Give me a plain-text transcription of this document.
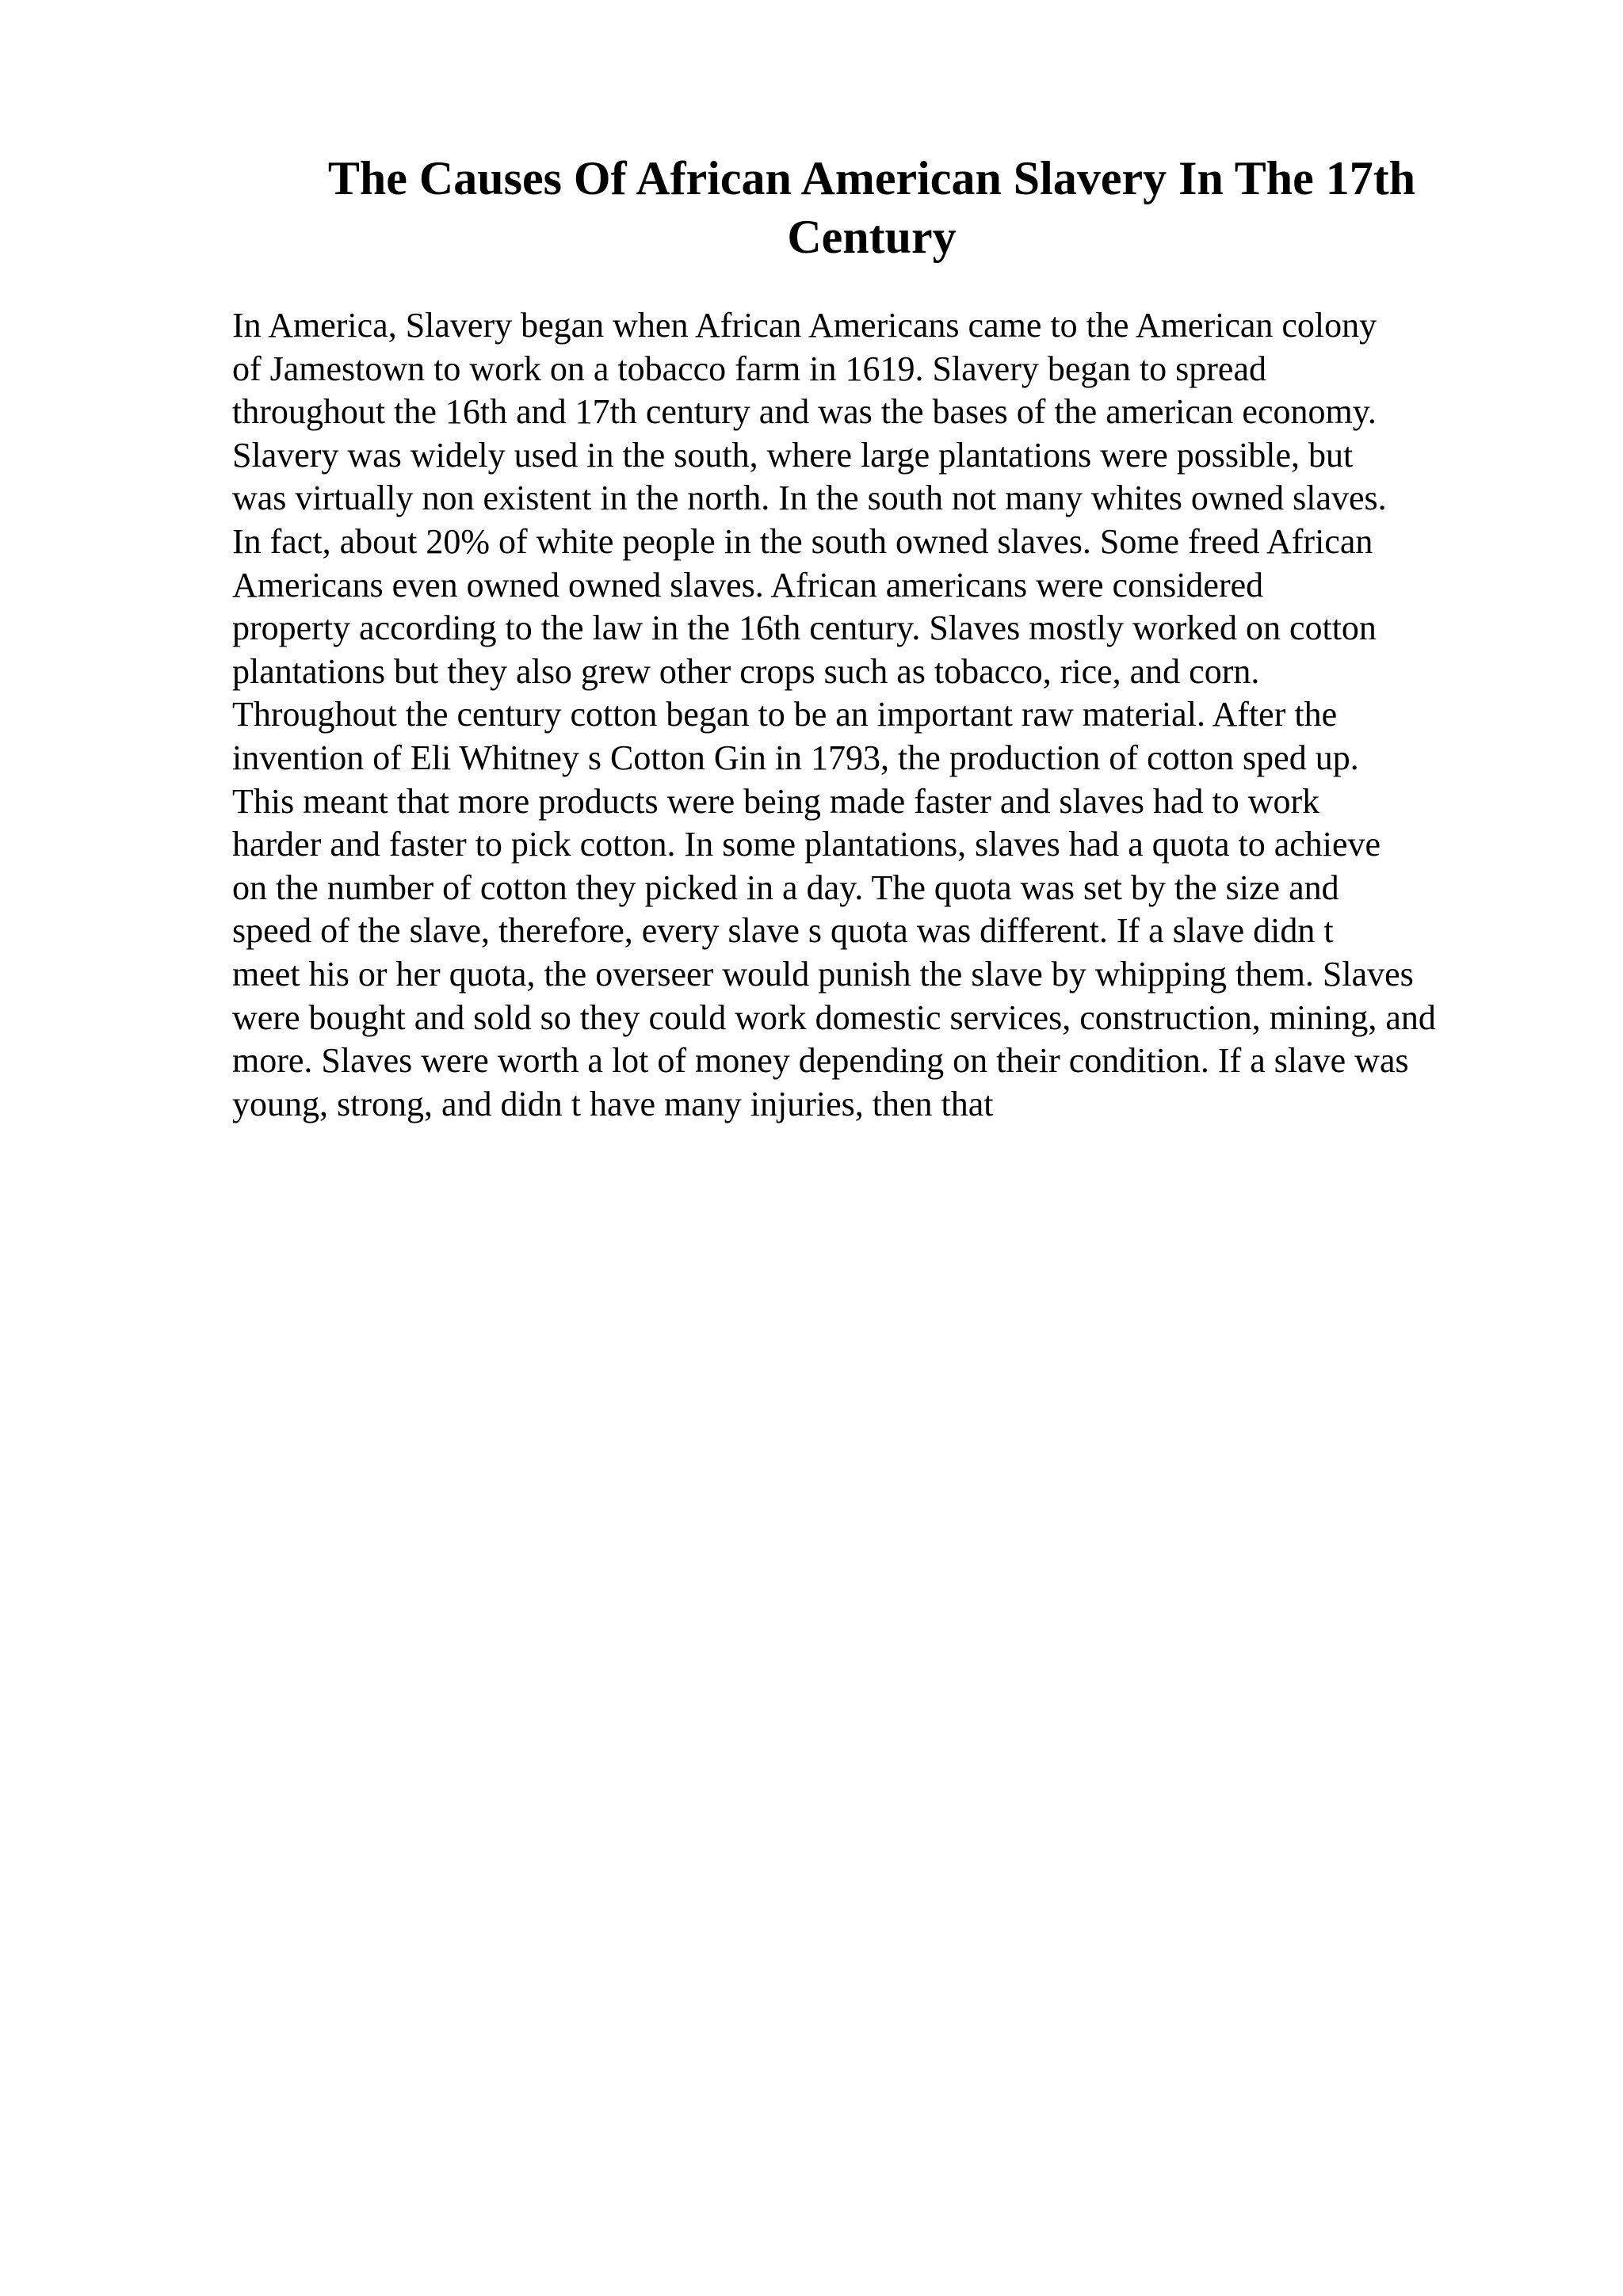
The Causes Of African American Slavery In The 17th
Century
In America, Slavery began when African Americans came to the American colony
of Jamestown to work on a tobacco farm in 1619. Slavery began to spread
throughout the 16th and 17th century and was the bases of the american economy.
Slavery was widely used in the south, where large plantations were possible, but
was virtually non existent in the north. In the south not many whites owned slaves.
In fact, about 20% of white people in the south owned slaves. Some freed African
Americans even owned owned slaves. African americans were considered
property according to the law in the 16th century. Slaves mostly worked on cotton
plantations but they also grew other crops such as tobacco, rice, and corn.
Throughout the century cotton began to be an important raw material. After the
invention of Eli Whitney s Cotton Gin in 1793, the production of cotton sped up.
This meant that more products were being made faster and slaves had to work
harder and faster to pick cotton. In some plantations, slaves had a quota to achieve
on the number of cotton they picked in a day. The quota was set by the size and
speed of the slave, therefore, every slave s quota was different. If a slave didn t
meet his or her quota, the overseer would punish the slave by whipping them. Slaves
were bought and sold so they could work domestic services, construction, mining, and
more. Slaves were worth a lot of money depending on their condition. If a slave was
young, strong, and didn t have many injuries, then that
